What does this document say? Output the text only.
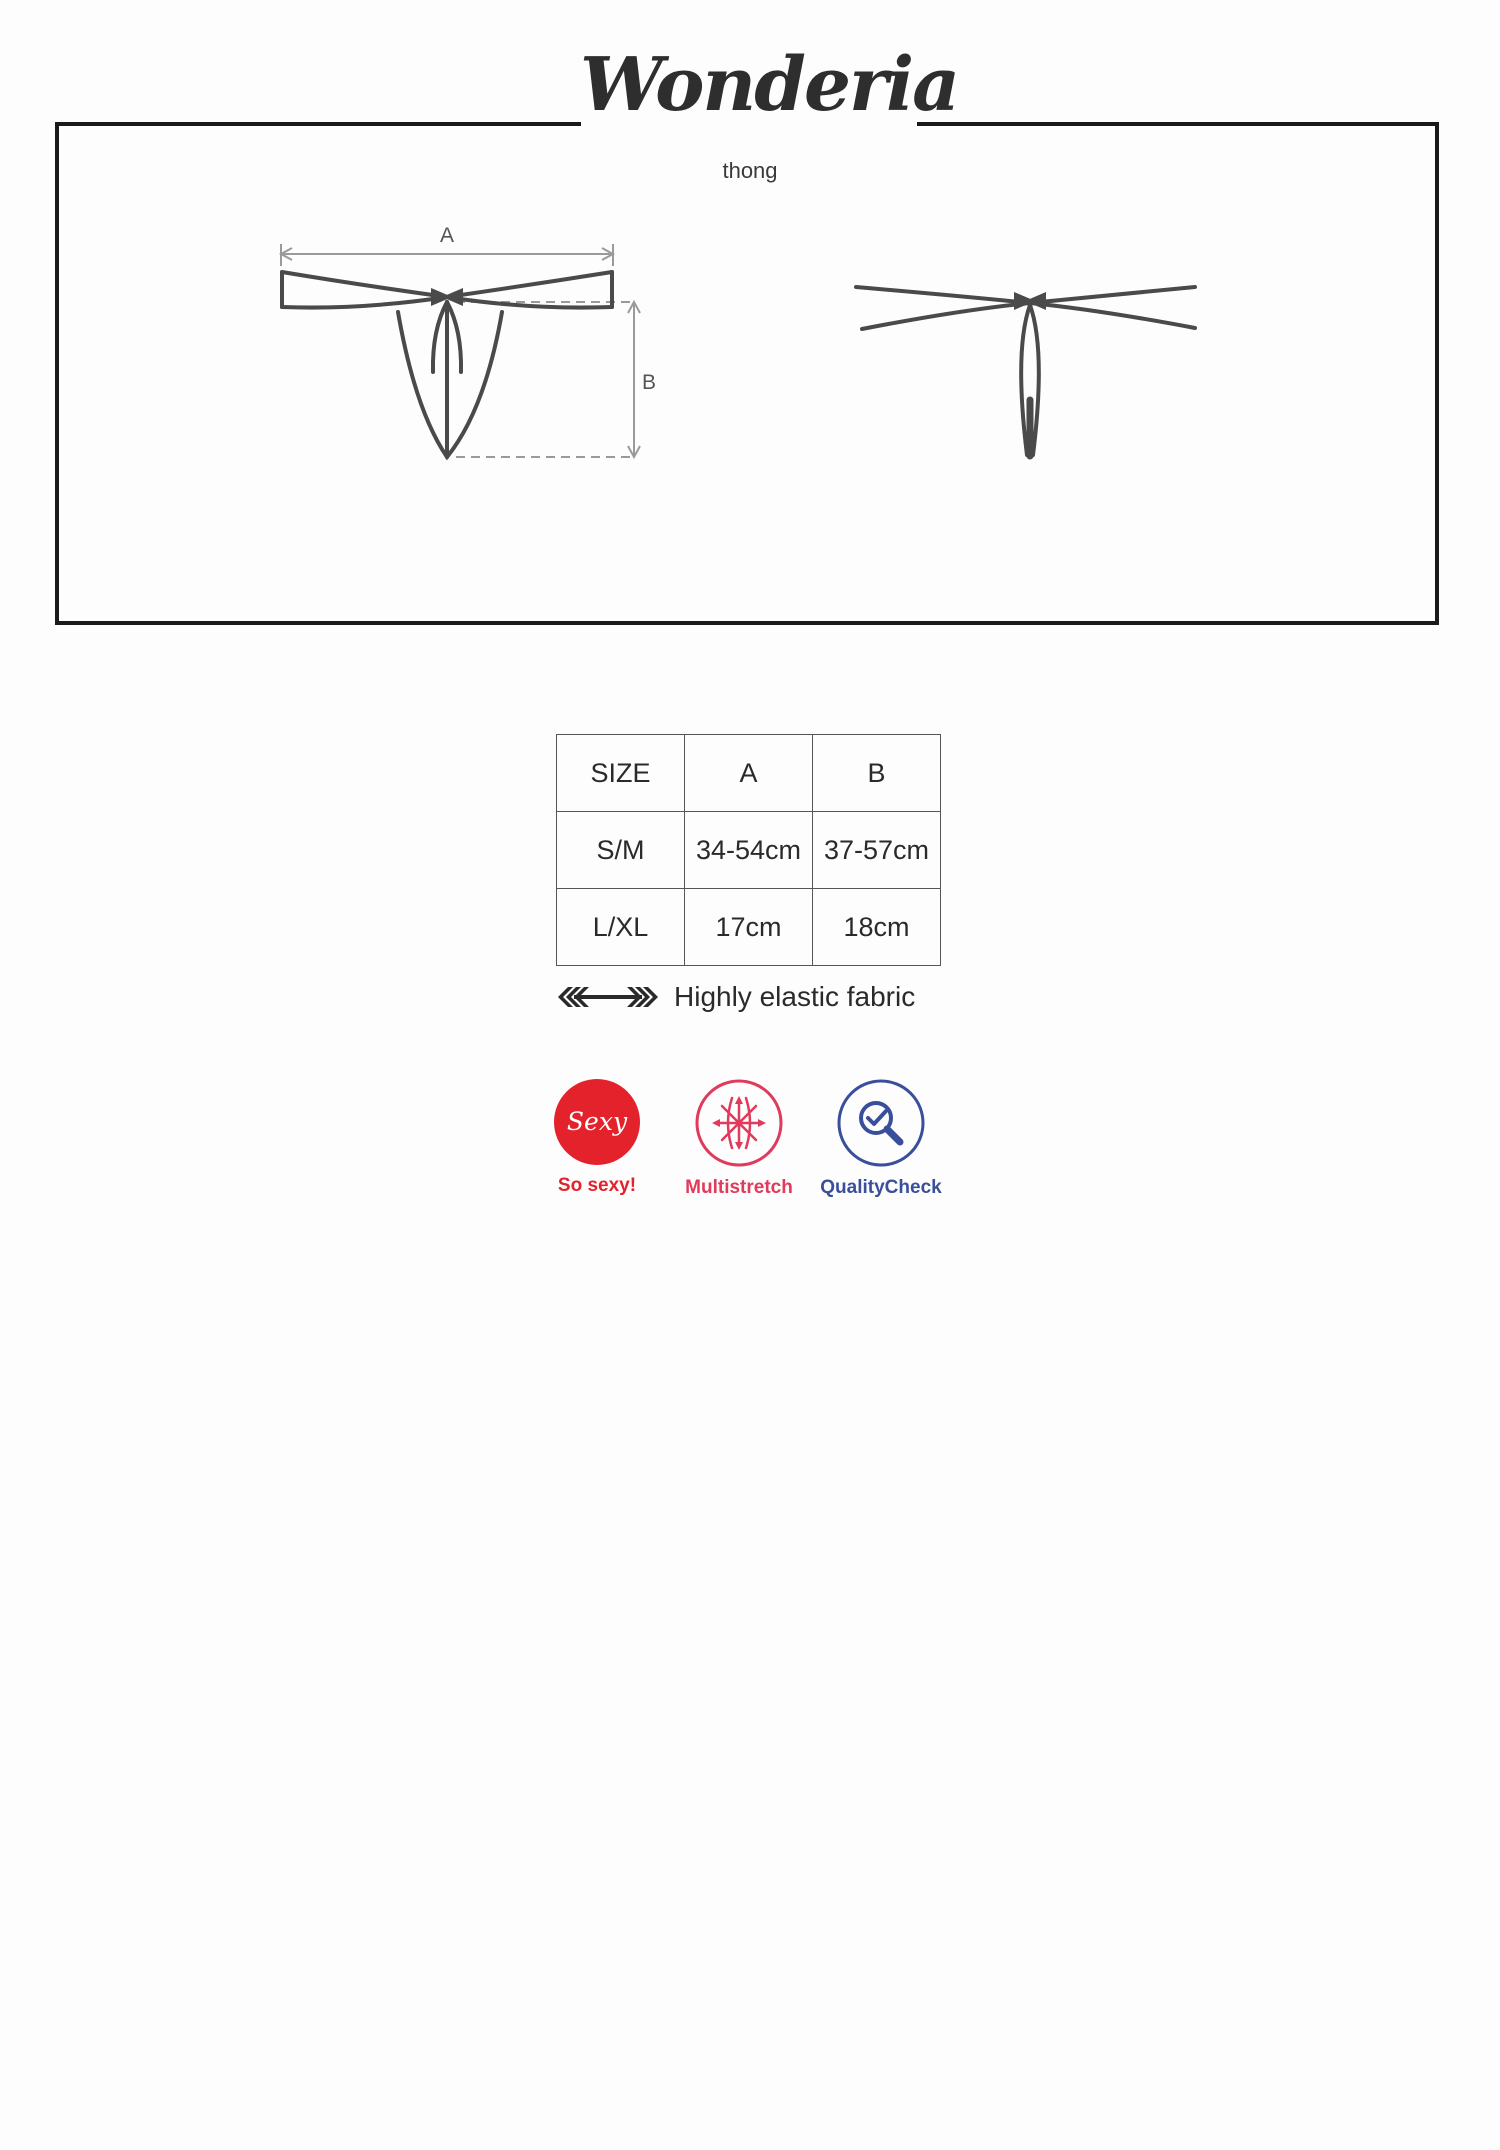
Wonderia
thong
A
B
SIZE	A	B
S/M	34-54cm	37-57cm
L/XL	17cm	18cm
Highly elastic fabric
Sexy
So sexy!	Multistretch	QualityCheck
